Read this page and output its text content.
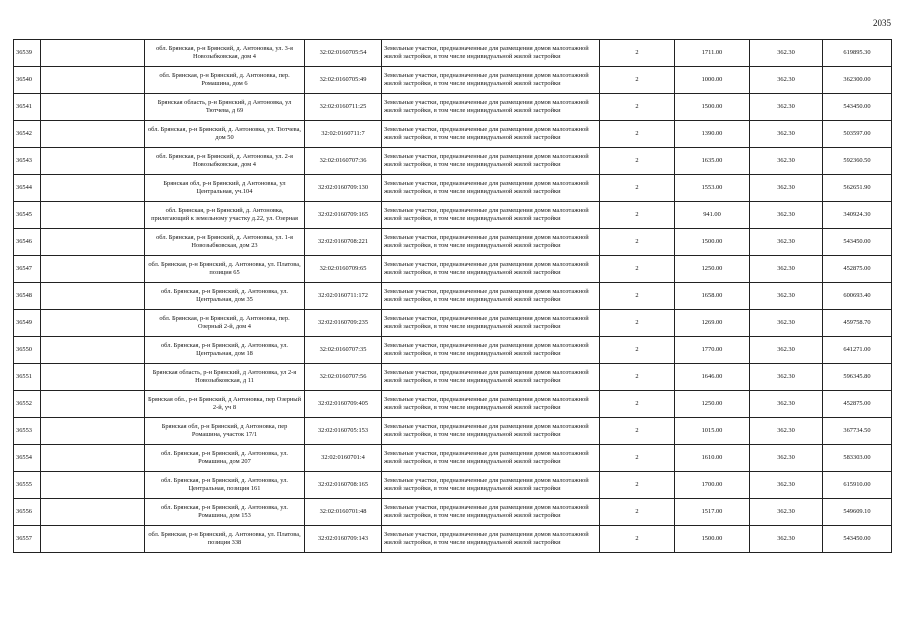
2035
36539		обл. Брянская, р-н Брянский, д. Антоновка, ул. 3-я Новозыбковская, дом 4	32:02:0160705:54	Земельные участки, предназначенные для размещения домов малоэтажной жилой застройки, в том числе индивидуальной жилой застройки	2	1711.00	362.30	619895.30
36540		обл. Брянская, р-н Брянский, д. Антоновка, пер. Ромашина, дом 6	32:02:0160705:49	Земельные участки, предназначенные для размещения домов малоэтажной жилой застройки, в том числе индивидуальной жилой застройки	2	1000.00	362.30	362300.00
36541		Брянская область, р-н Брянский, д Антоновка, ул Тютчева, д 69	32:02:0160711:25	Земельные участки, предназначенные для размещения домов малоэтажной жилой застройки, в том числе индивидуальной жилой застройки	2	1500.00	362.30	543450.00
36542		обл. Брянская, р-н Брянский, д. Антоновка, ул. Тютчева, дом 50	32:02:0160711:7	Земельные участки, предназначенные для размещения домов малоэтажной жилой застройки, в том числе индивидуальной жилой застройки	2	1390.00	362.30	503597.00
36543		обл. Брянская, р-н Брянский, д. Антоновка, ул. 2-я Новозыбковская, дом 4	32:02:0160707:36	Земельные участки, предназначенные для размещения домов малоэтажной жилой застройки, в том числе индивидуальной жилой застройки	2	1635.00	362.30	592360.50
36544		Брянская обл, р-н Брянский, д Антоновка, ул Центральная, уч.104	32:02:0160709:130	Земельные участки, предназначенные для размещения домов малоэтажной жилой застройки, в том числе индивидуальной жилой застройки	2	1553.00	362.30	562651.90
36545		обл. Брянская, р-н Брянский, д. Антоновка, прилегающий к земельному участку д.22, ул. Озерная	32:02:0160709:165	Земельные участки, предназначенные для размещения домов малоэтажной жилой застройки, в том числе индивидуальной жилой застройки	2	941.00	362.30	340924.30
36546		обл. Брянская, р-н Брянский, д. Антоновка, ул. 1-я Новозыбковская, дом 23	32:02:0160708:221	Земельные участки, предназначенные для размещения домов малоэтажной жилой застройки, в том числе индивидуальной жилой застройки	2	1500.00	362.30	543450.00
36547		обл. Брянская, р-н Брянский, д. Антоновка, ул. Платова, позиция 65	32:02:0160709:65	Земельные участки, предназначенные для размещения домов малоэтажной жилой застройки, в том числе индивидуальной жилой застройки	2	1250.00	362.30	452875.00
36548		обл. Брянская, р-н Брянский, д. Антоновка, ул. Центральная, дом 35	32:02:0160711:172	Земельные участки, предназначенные для размещения домов малоэтажной жилой застройки, в том числе индивидуальной жилой застройки	2	1658.00	362.30	600693.40
36549		обл. Брянская, р-н Брянский, д. Антоновка, пер. Озерный 2-й, дом 4	32:02:0160709:235	Земельные участки, предназначенные для размещения домов малоэтажной жилой застройки, в том числе индивидуальной жилой застройки	2	1269.00	362.30	459758.70
36550		обл. Брянская, р-н Брянский, д. Антоновка, ул. Центральная, дом 18	32:02:0160707:35	Земельные участки, предназначенные для размещения домов малоэтажной жилой застройки, в том числе индивидуальной жилой застройки	2	1770.00	362.30	641271.00
36551		Брянская область, р-н Брянский, д Антоновка, ул 2-я Новозыбковская, д 11	32:02:0160707:56	Земельные участки, предназначенные для размещения домов малоэтажной жилой застройки, в том числе индивидуальной жилой застройки	2	1646.00	362.30	596345.80
36552		Брянская обл., р-н Брянский, д Антоновка, пер Озерный 2-й, уч 8	32:02:0160709:405	Земельные участки, предназначенные для размещения домов малоэтажной жилой застройки, в том числе индивидуальной жилой застройки	2	1250.00	362.30	452875.00
36553		Брянская обл, р-н Брянский, д Антоновка, пер Ромашина, участок 17/1	32:02:0160705:153	Земельные участки, предназначенные для размещения домов малоэтажной жилой застройки, в том числе индивидуальной жилой застройки	2	1015.00	362.30	367734.50
36554		обл. Брянская, р-н Брянский, д. Антоновка, ул. Ромашина, дом 207	32:02:0160701:4	Земельные участки, предназначенные для размещения домов малоэтажной жилой застройки, в том числе индивидуальной жилой застройки	2	1610.00	362.30	583303.00
36555		обл. Брянская, р-н Брянский, д. Антоновка, ул. Центральная, позиция 161	32:02:0160708:165	Земельные участки, предназначенные для размещения домов малоэтажной жилой застройки, в том числе индивидуальной жилой застройки	2	1700.00	362.30	615910.00
36556		обл. Брянская, р-н Брянский, д. Антоновка, ул. Ромашина, дом 153	32:02:0160701:48	Земельные участки, предназначенные для размещения домов малоэтажной жилой застройки, в том числе индивидуальной жилой застройки	2	1517.00	362.30	549609.10
36557		обл. Брянская, р-н Брянский, д. Антоновка, ул. Платова, позиция 338	32:02:0160709:143	Земельные участки, предназначенные для размещения домов малоэтажной жилой застройки, в том числе индивидуальной жилой застройки	2	1500.00	362.30	543450.00
